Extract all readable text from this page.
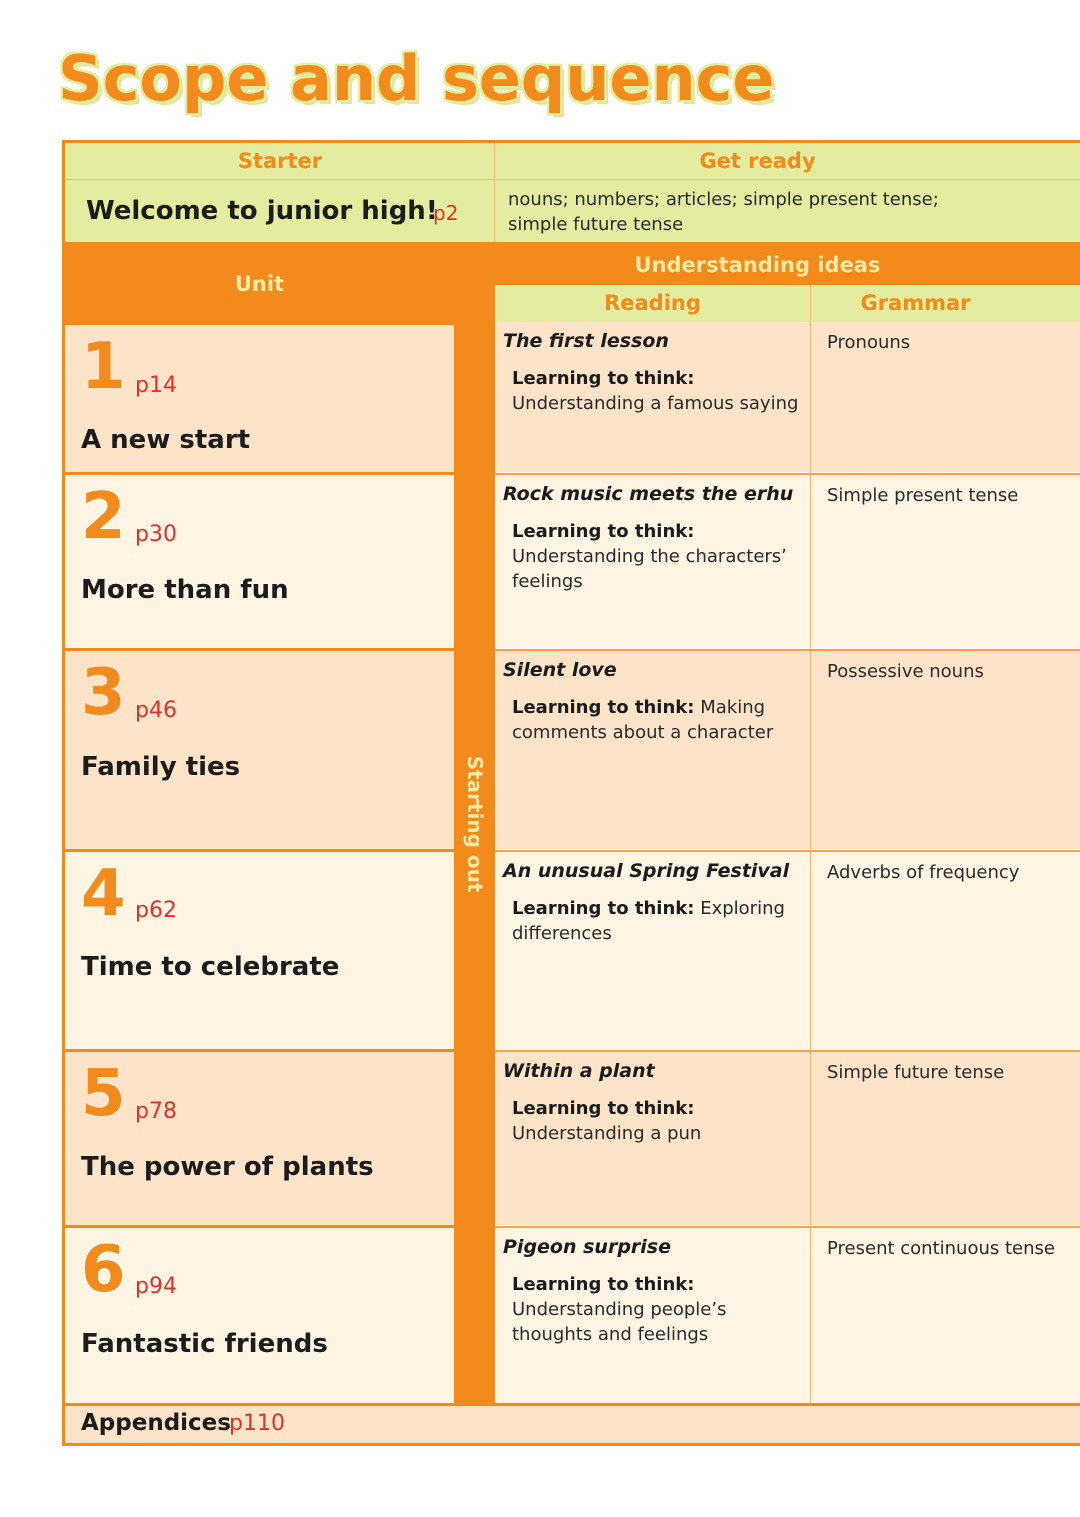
Scope and sequence
Starter	Get ready
Welcome to junior high!
p2
nouns; numbers; articles; simple present tense; simple future tense
Unit
Starting out
Understanding ideas
Reading	Grammar
1 p14
A new start
The first lesson
Learning to think:
Understanding a famous saying
Pronouns
2 p30
More than fun
Rock music meets the erhu
Learning to think:
Understanding the characters’ feelings
Simple present tense
3 p46
Family ties
Silent love
Learning to think: Making comments about a character
Possessive nouns
4 p62
Time to celebrate
An unusual Spring Festival
Learning to think: Exploring differences
Adverbs of frequency
5 p78
The power of plants
Within a plant
Learning to think:
Understanding a pun
Simple future tense
6 p94
Fantastic friends
Pigeon surprise
Learning to think:
Understanding people’s thoughts and feelings
Present continuous tense
Appendices
p110
